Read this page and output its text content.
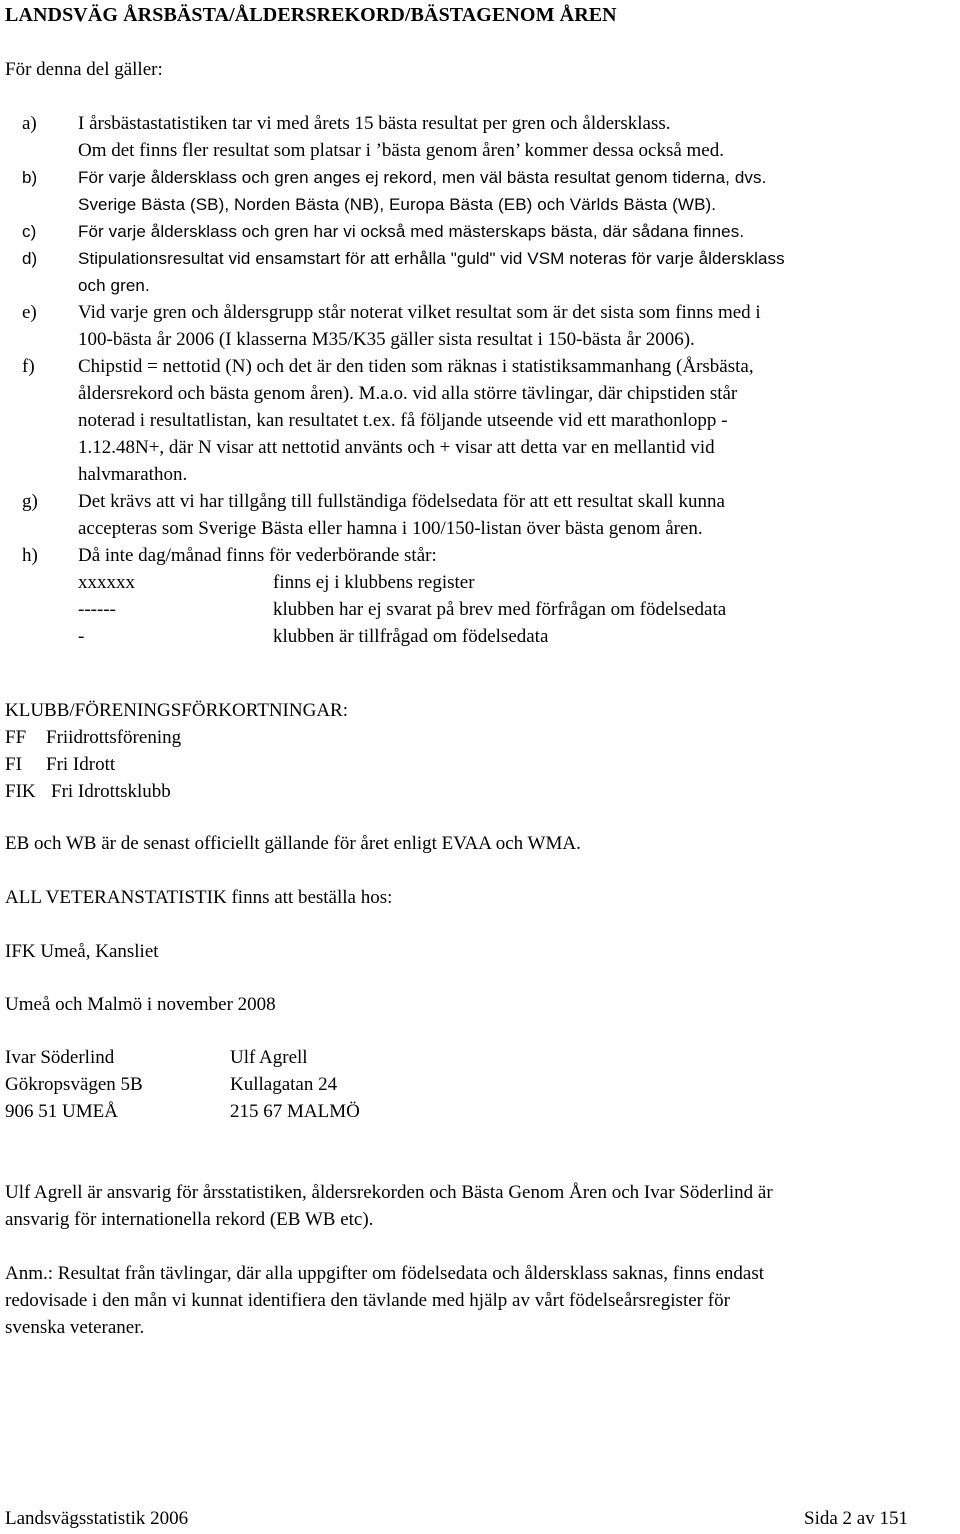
LANDSVÄG ÅRSBÄSTA/ÅLDERSREKORD/BÄSTAGENOM ÅREN
För denna del gäller:
a)	I årsbästastatistiken tar vi med årets 15 bästa resultat per gren och åldersklass.
Om det finns fler resultat som platsar i ’bästa genom åren’ kommer dessa också med.
b)	För varje åldersklass och gren anges ej rekord, men väl bästa resultat genom tiderna, dvs.
Sverige Bästa (SB), Norden Bästa (NB), Europa Bästa (EB) och Världs Bästa (WB).
c)	För varje åldersklass och gren har vi också med mästerskaps bästa, där sådana finnes.
d)	Stipulationsresultat vid ensamstart för att erhålla "guld" vid VSM noteras för varje åldersklass
och gren.
e)	Vid varje gren och åldersgrupp står noterat vilket resultat som är det sista som finns med i
100-bästa år 2006 (I klasserna M35/K35 gäller sista resultat i 150-bästa år 2006).
f)	Chipstid = nettotid (N) och det är den tiden som räknas i statistiksammanhang (Årsbästa,
åldersrekord och bästa genom åren). M.a.o. vid alla större tävlingar, där chipstiden står
noterad i resultatlistan, kan resultatet t.ex. få följande utseende vid ett marathonlopp -
1.12.48N+, där N visar att nettotid använts och + visar att detta var en mellantid vid
halvmarathon.
g)	Det krävs att vi har tillgång till fullständiga födelsedata för att ett resultat skall kunna
accepteras som Sverige Bästa eller hamna i 100/150-listan över bästa genom åren.
h)	Då inte dag/månad finns för vederbörande står:
xxxxxx	finns ej i klubbens register
------	klubben har ej svarat på brev med förfrågan om födelsedata
-	klubben är tillfrågad om födelsedata
KLUBB/FÖRENINGSFÖRKORTNINGAR:
FF	Friidrottsförening
FI	Fri Idrott
FIK Fri Idrottsklubb
EB och WB är de senast officiellt gällande för året enligt EVAA och WMA.
ALL VETERANSTATISTIK finns att beställa hos:
IFK Umeå, Kansliet
Umeå och Malmö i november 2008
Ivar Söderlind	Ulf Agrell
Gökropsvägen 5B	Kullagatan 24
906 51 UMEÅ	215 67 MALMÖ
Ulf Agrell är ansvarig för årsstatistiken, åldersrekorden och Bästa Genom Åren och Ivar Söderlind är
ansvarig för internationella rekord (EB WB etc).
Anm.: Resultat från tävlingar, där alla uppgifter om födelsedata och åldersklass saknas, finns endast
redovisade i den mån vi kunnat identifiera den tävlande med hjälp av vårt födelseårsregister för
svenska veteraner.
Landsvägsstatistik 2006	Sida 2 av 151
